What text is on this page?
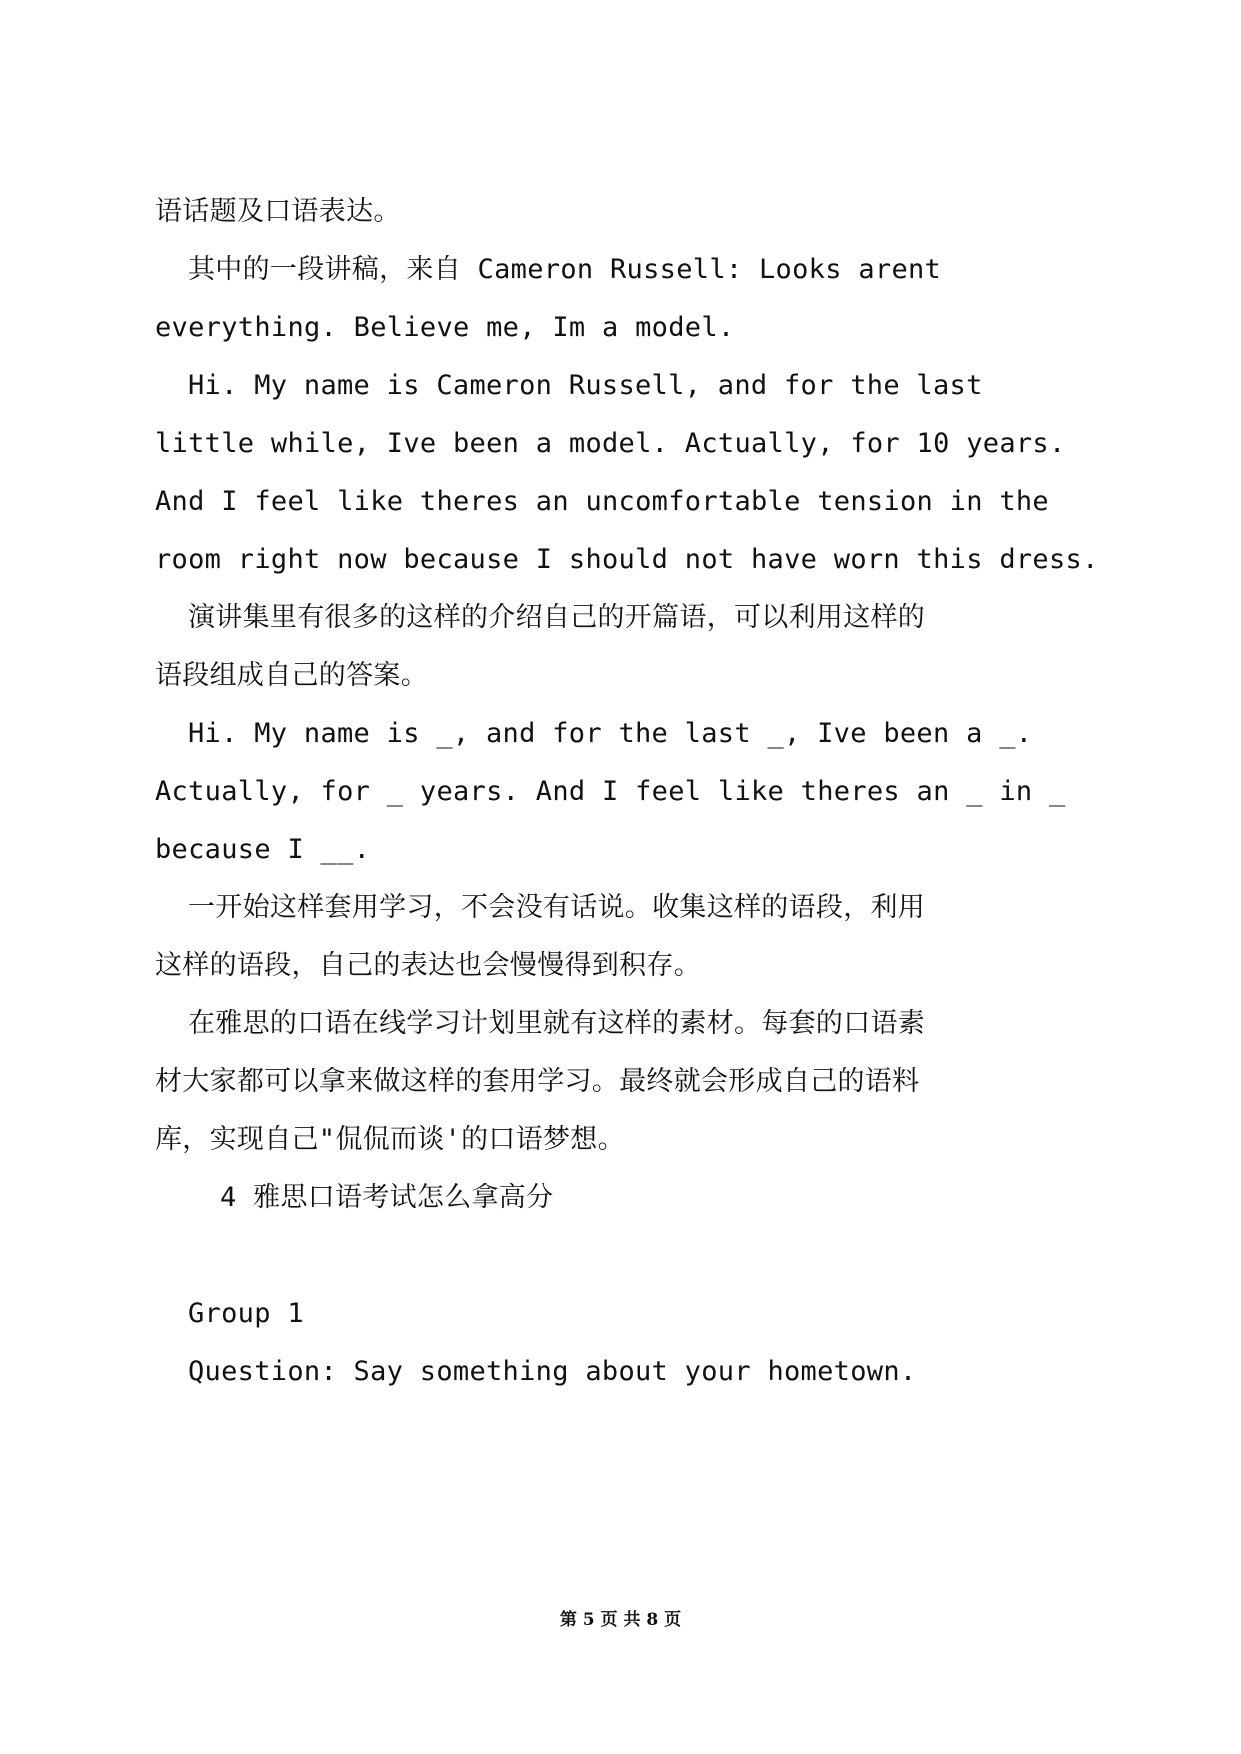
语话题及口语表达。
其中的一段讲稿，来自 Cameron Russell: Looks arent
everything. Believe me, Im a model.
Hi. My name is Cameron Russell, and for the last
little while, Ive been a model. Actually, for 10 years.
And I feel like theres an uncomfortable tension in the
room right now because I should not have worn this dress.
演讲集里有很多的这样的介绍自己的开篇语，可以利用这样的
语段组成自己的答案。
Hi. My name is _, and for the last _, Ive been a _.
Actually, for _ years. And I feel like theres an _ in _
because I __.
一开始这样套用学习，不会没有话说。收集这样的语段，利用
这样的语段，自己的表达也会慢慢得到积存。
在雅思的口语在线学习计划里就有这样的素材。每套的口语素
材大家都可以拿来做这样的套用学习。最终就会形成自己的语料
库，实现自己"侃侃而谈'的口语梦想。
4 雅思口语考试怎么拿高分
Group 1
Question: Say something about your hometown.
第 5 页 共 8 页
